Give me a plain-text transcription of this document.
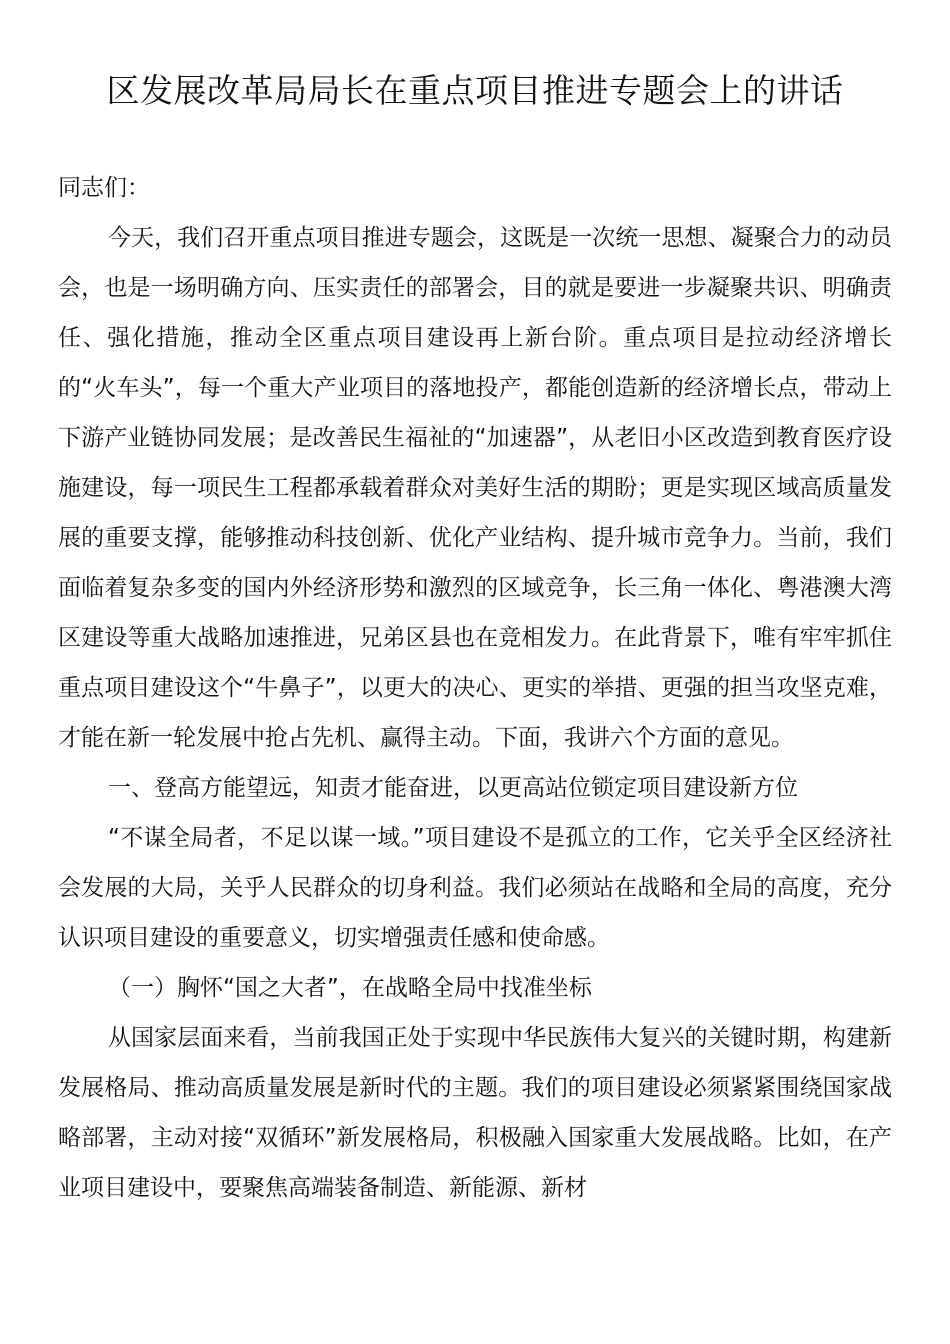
区发展改革局局长在重点项目推进专题会上的讲话

同志们：

今天，我们召开重点项目推进专题会，这既是一次统一思想、凝聚合力的动员会，也是一场明确方向、压实责任的部署会，目的就是要进一步凝聚共识、明确责任、强化措施，推动全区重点项目建设再上新台阶。重点项目是拉动经济增长的“火车头”，每一个重大产业项目的落地投产，都能创造新的经济增长点，带动上下游产业链协同发展；是改善民生福祉的“加速器”，从老旧小区改造到教育医疗设施建设，每一项民生工程都承载着群众对美好生活的期盼；更是实现区域高质量发展的重要支撑，能够推动科技创新、优化产业结构、提升城市竞争力。当前，我们面临着复杂多变的国内外经济形势和激烈的区域竞争，长三角一体化、粤港澳大湾区建设等重大战略加速推进，兄弟区县也在竞相发力。在此背景下，唯有牢牢抓住重点项目建设这个“牛鼻子”，以更大的决心、更实的举措、更强的担当攻坚克难，才能在新一轮发展中抢占先机、赢得主动。下面，我讲六个方面的意见。

一、登高方能望远，知责才能奋进，以更高站位锁定项目建设新方位

“不谋全局者，不足以谋一域。”项目建设不是孤立的工作，它关乎全区经济社会发展的大局，关乎人民群众的切身利益。我们必须站在战略和全局的高度，充分认识项目建设的重要意义，切实增强责任感和使命感。

（一）胸怀“国之大者”，在战略全局中找准坐标

从国家层面来看，当前我国正处于实现中华民族伟大复兴的关键时期，构建新发展格局、推动高质量发展是新时代的主题。我们的项目建设必须紧紧围绕国家战略部署，主动对接“双循环”新发展格局，积极融入国家重大发展战略。比如，在产业项目建设中，要聚焦高端装备制造、新能源、新材
